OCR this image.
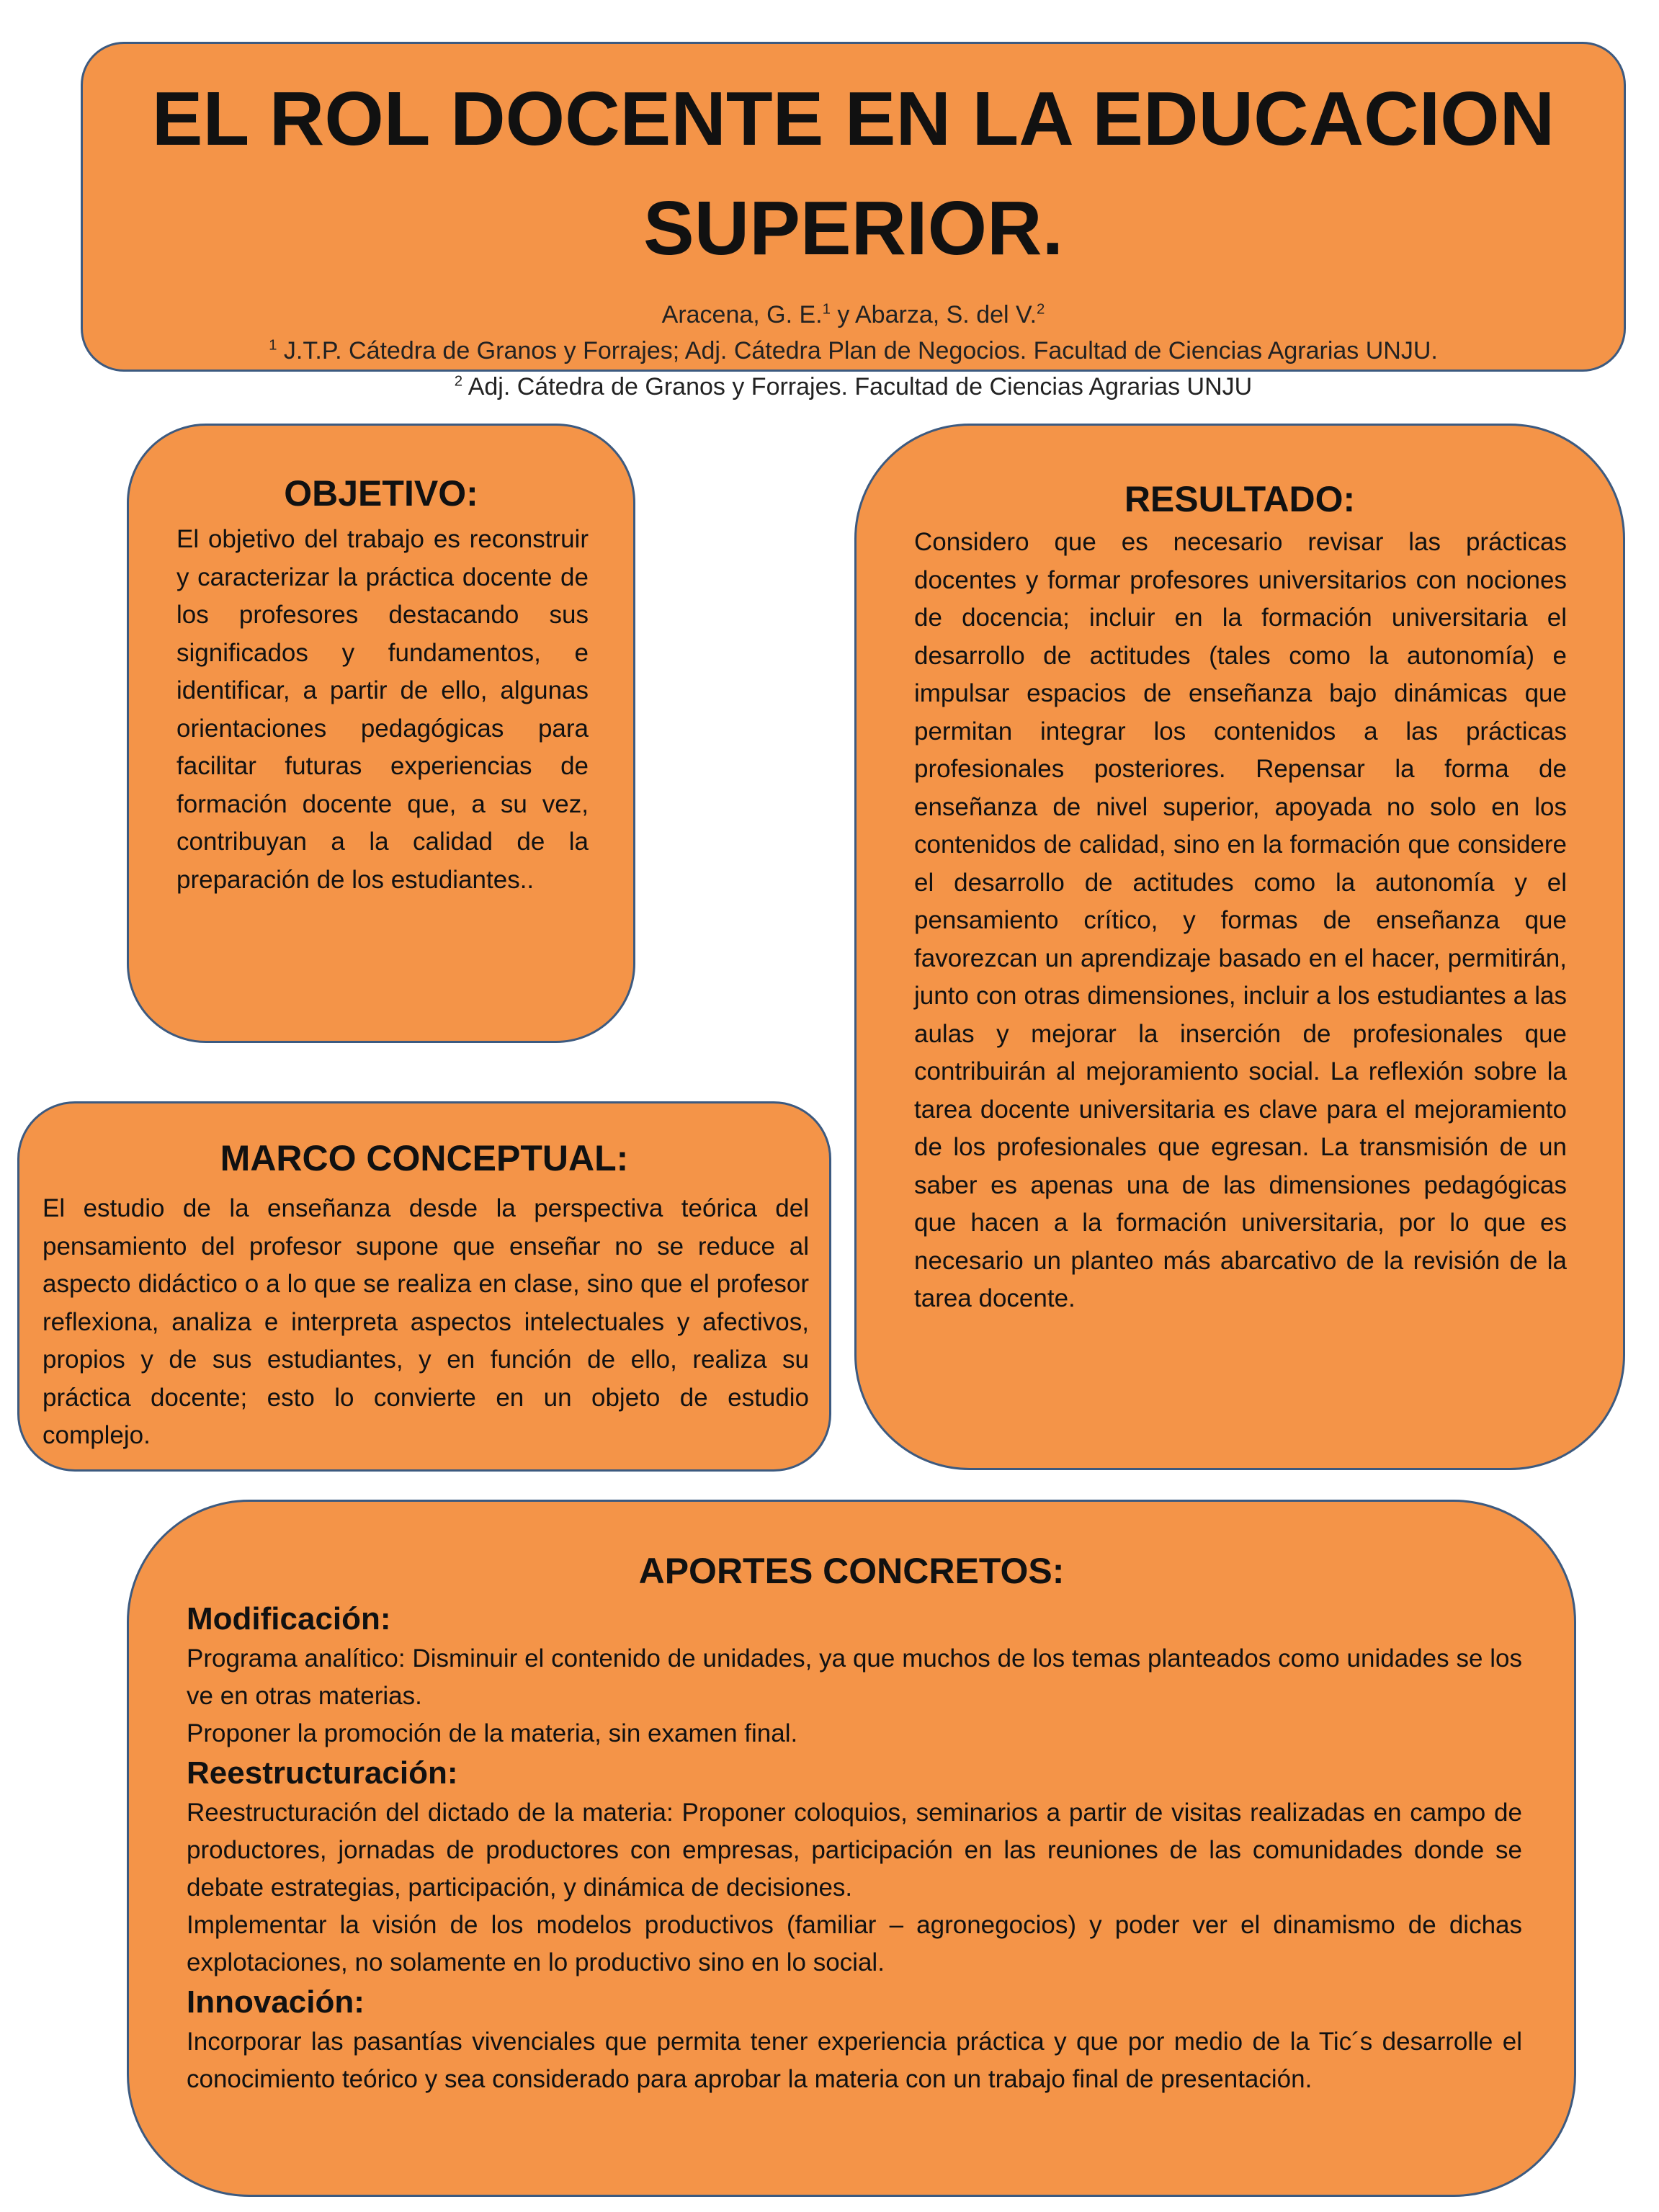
EL ROL DOCENTE EN LA EDUCACION
SUPERIOR.
Aracena, G. E.$^1$ y Abarza, S. del V.$^2$
$^1$ J.T.P. Cátedra de Granos y Forrajes; Adj. Cátedra Plan de Negocios. Facultad de Ciencias Agrarias UNJU.
$^2$ Adj. Cátedra de Granos y Forrajes. Facultad de Ciencias Agrarias UNJU
OBJETIVO:

El objetivo del trabajo es reconstruir y caracterizar la práctica docente de los profesores destacando sus significados y fundamentos, e identificar, a partir de ello, algunas orientaciones pedagógicas para facilitar futuras experiencias de formación docente que, a su vez, contribuyan a la calidad de la preparación de los estudiantes..

RESULTADO:

Considero que es necesario revisar las prácticas docentes y formar profesores universitarios con nociones de docencia; incluir en la formación universitaria el desarrollo de actitudes (tales como la autonomía) e impulsar espacios de enseñanza bajo dinámicas que permitan integrar los contenidos a las prácticas profesionales posteriores. Repensar la forma de enseñanza de nivel superior, apoyada no solo en los contenidos de calidad, sino en la formación que considere el desarrollo de actitudes como la autonomía y el pensamiento crítico, y formas de enseñanza que favorezcan un aprendizaje basado en el hacer, permitirán, junto con otras dimensiones, incluir a los estudiantes a las aulas y mejorar la inserción de profesionales que contribuirán al mejoramiento social. La reflexión sobre la tarea docente universitaria es clave para el mejoramiento de los profesionales que egresan. La transmisión de un saber es apenas una de las dimensiones pedagógicas que hacen a la formación universitaria, por lo que es necesario un planteo más abarcativo de la revisión de la tarea docente.

MARCO CONCEPTUAL:

El estudio de la enseñanza desde la perspectiva teórica del pensamiento del profesor supone que enseñar no se reduce al aspecto didáctico o a lo que se realiza en clase, sino que el profesor reflexiona, analiza e interpreta aspectos intelectuales y afectivos, propios y de sus estudiantes, y en función de ello, realiza su práctica docente; esto lo convierte en un objeto de estudio complejo.

APORTES CONCRETOS:
Modificación:
Programa analítico: Disminuir el contenido de unidades, ya que muchos de los temas planteados como unidades se los ve en otras materias.
Proponer la promoción de la materia, sin examen final.
Reestructuración:
Reestructuración del dictado de la materia: Proponer coloquios, seminarios a partir de visitas realizadas en campo de productores, jornadas de productores con empresas, participación en las reuniones de las comunidades donde se debate estrategias, participación, y dinámica de decisiones.
Implementar la visión de los modelos productivos (familiar – agronegocios) y poder ver el dinamismo de dichas explotaciones, no solamente en lo productivo sino en lo social.
Innovación:
Incorporar las pasantías vivenciales que permita tener experiencia práctica y que por medio de la Tic´s desarrolle el conocimiento teórico y sea considerado para aprobar la materia con un trabajo final de presentación.
